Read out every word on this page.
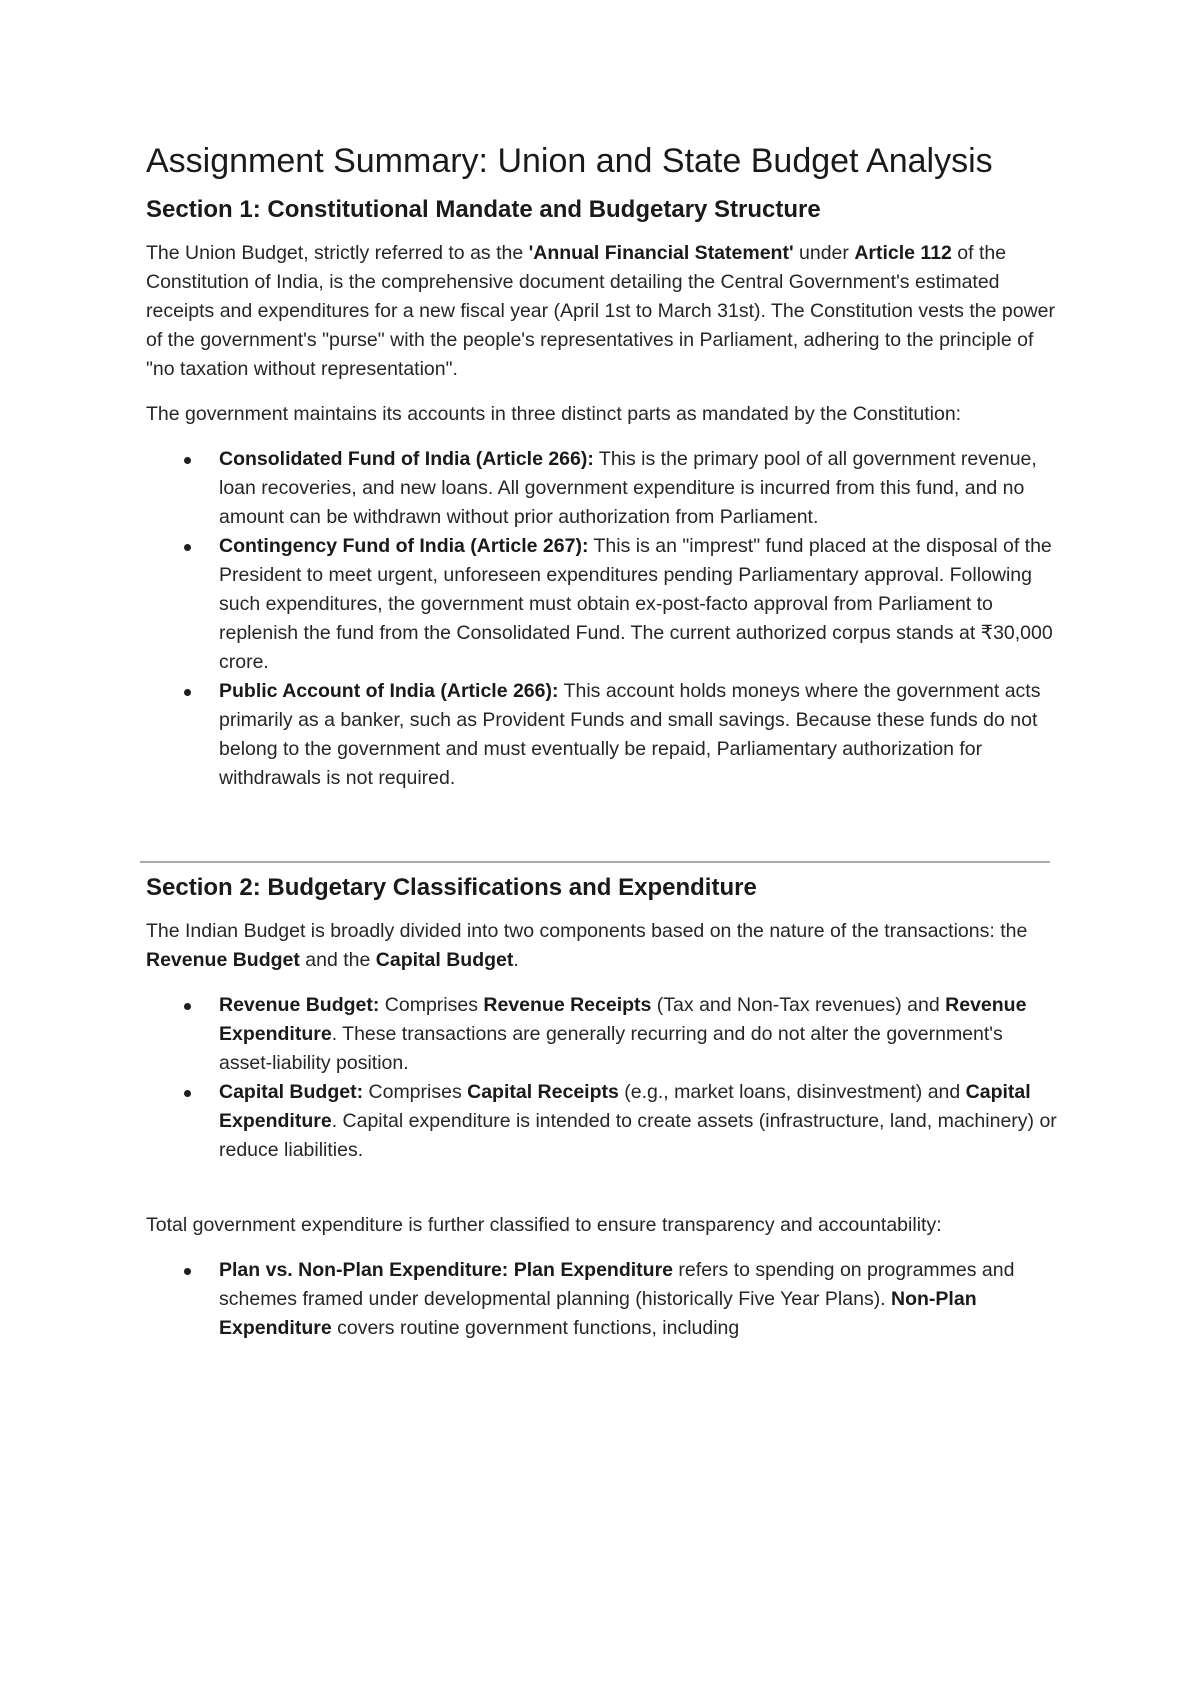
Assignment Summary: Union and State Budget Analysis
Section 1: Constitutional Mandate and Budgetary Structure

The Union Budget, strictly referred to as the 'Annual Financial Statement' under Article 112 of the Constitution of India, is the comprehensive document detailing the Central Government's estimated receipts and expenditures for a new fiscal year (April 1st to March 31st). The Constitution vests the power of the government's "purse" with the people's representatives in Parliament, adhering to the principle of "no taxation without representation".

The government maintains its accounts in three distinct parts as mandated by the Constitution:

Consolidated Fund of India (Article 266): This is the primary pool of all government revenue, loan recoveries, and new loans. All government expenditure is incurred from this fund, and no amount can be withdrawn without prior authorization from Parliament.
Contingency Fund of India (Article 267): This is an "imprest" fund placed at the disposal of the President to meet urgent, unforeseen expenditures pending Parliamentary approval. Following such expenditures, the government must obtain ex-post-facto approval from Parliament to replenish the fund from the Consolidated Fund. The current authorized corpus stands at ₹30,000 crore.
Public Account of India (Article 266): This account holds moneys where the government acts primarily as a banker, such as Provident Funds and small savings. Because these funds do not belong to the government and must eventually be repaid, Parliamentary authorization for withdrawals is not required.
Section 2: Budgetary Classifications and Expenditure

The Indian Budget is broadly divided into two components based on the nature of the transactions: the Revenue Budget and the Capital Budget.

Revenue Budget: Comprises Revenue Receipts (Tax and Non-Tax revenues) and Revenue Expenditure. These transactions are generally recurring and do not alter the government's asset-liability position.
Capital Budget: Comprises Capital Receipts (e.g., market loans, disinvestment) and Capital Expenditure. Capital expenditure is intended to create assets (infrastructure, land, machinery) or reduce liabilities.

Total government expenditure is further classified to ensure transparency and accountability:

Plan vs. Non-Plan Expenditure: Plan Expenditure refers to spending on programmes and schemes framed under developmental planning (historically Five Year Plans). Non-Plan Expenditure covers routine government functions, including
